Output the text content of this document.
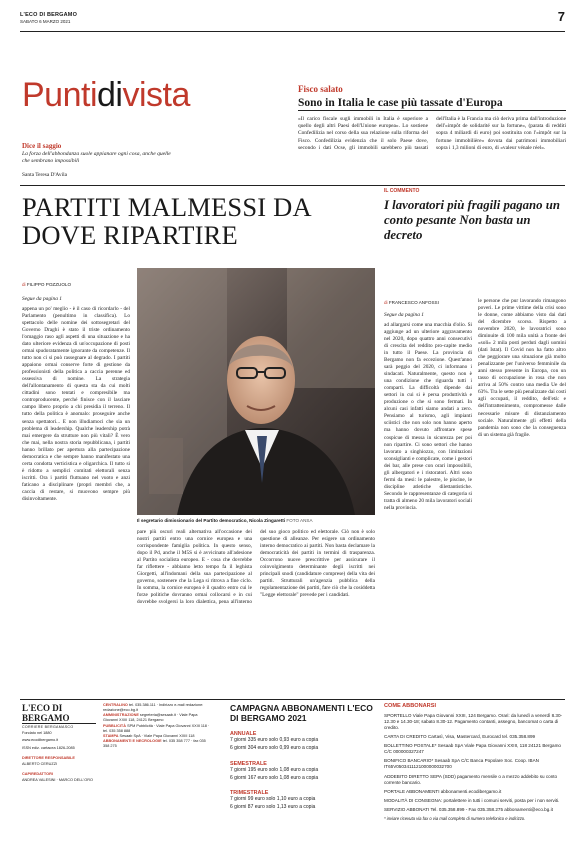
L'ECO DI BERGAMO
SABATO 6 MARZO 2021	7
Puntidivista
Dice il saggio
La forza dell'abbondanza suole appianare ogni cosa, anche quelle che sembrano impossibili
Santa Teresa D'Avila
Fisco salato
Sono in Italia le case più tassate d'Europa
«Il carico fiscale sugli immobili in Italia è superiore a quello degli altri Paesi dell'Unione europea». Lo sostiene Confedilizia nel corso della sua relazione sulla riforma del Fisco. Confedilizia evidenzia che il solo Paese dove, secondo i dati Ocse, gli immobili sarebbero più tassati dell'Italia è la Francia ma ciò deriva prima dall'introduzione dell'«impôt de solidarité sur la fortune», (parata di redditi sopra 4 miliardi di euro) poi sostituita con l'«impôt sur la fortune immobilière» dovuta dai patrimoni immobiliari sopra i 1,3 milioni di euro, di «valeur vénale réel».
PARTITI MALMESSI DA DOVE RIPARTIRE
IL COMMENTO
I lavoratori più fragili pagano un conto pesante Non basta un decreto
di FILIPPO POZZUOLO
Segue da pagina 1
appena un po' meglio - è il caso di ricordarlo - del Parlamento (penultimo in classifica). Lo spettacolo delle nomine dei sottosegretari del Governo Draghi è stato il triste ordinamento l'omaggio raso agli aspetti di una situazione e ha dato ulteriore evidenza di un'occupazione di posti ormai spudoratamente ignorante da competenze. Il tutto non ci si può rassegnare al degrado. I partiti appaiono ormai conserve forte di gestione da professionisti della politica a caccia perenne ed ossessiva di nomine. La strategia dell'allontanamento di questa sta da cui molti cittadini sono tentati e compresibile ma controproducente, perché finisce con il lasciare campo libero proprio a chi presidia il terreno. Il tutto della politica è anomalo: proseguire anche senza spettatori... E non illudiamoci che sia un problema di leadership. Qualche leadership potrà mai emergere da strutture non più vitali? È vero che mai, nella nostra storia repubblicana, i partiti hanno brillato per apertura alla partecipazione democratica e che sempre hanno manifestato una certa condotta verticistica e oligarchica. Il tutto si è ridotto a semplici comitati elettorali senza iscritti. Ora i partiti fluttuano nel vuoto e anzi faticano a disciplinare (propri membri che, a caccia di restare, si muovono sempre più disinvoltamente.
Il segretario dimissionario del Partito democratico, Nicola Zingaretti FOTO ANSA
pare più oscuri reali alternativa all'occasione dei nostri partiti entro una cornice europea e una corrispondente famiglia politica. In questo senso, dopo il Pd, anche il M5S si è avvicinato all'adesione al Partito socialista europeo. E - cosa che dovrebbe far riflettere - abbiamo letto tempo fa il leghista Giorgetti, all'indomani della sua partecipazione al governo, sostenere che la Lega si ritrova a fine ciclo. In somma, la cornice europea è il quadro entro cui le forze politiche dovranno ormai collocarsi e in cui dovrebbe svolgersi la loro dialettica, pena all'interno del suo gioco politico ed elettorale. Ciò non è solo questione di alleanze. Per esigere un ordinamento interno democratico ai partiti. Non basta declamare la democraticità dei partiti in termini di trasparenza. Occorrono nuove prescrittive per assicurare il coinvolgimento determinante degli iscritti nei principali snodi (candidature comprese) della vita dei partiti. Strutturali un'agenzia pubblica della regolamentazione dei partiti, fare ciò che la cosiddetta "Legge elettorale" prevede per i candidati.
di FRANCESCO ANFOSSI
Segue da pagina 1
ad allargarsi come una macchia d'olio. Si aggiunge ad un ulteriore aggravamento nel 2020, dopo quattro anni consecutivi di crescita del reddito pro-capite medio in tutto il Paese. La provincia di Bergamo non fa eccezione. Quest'anno sarà peggio del 2020, ci informano i sindacati. Naturalmente, questo non è una condizione che riguarda tutti i comparti. La difficoltà dipende dai settori in cui si è persa produttività e produzione o che si sono fermati. In alcuni casi infatti siamo andati a zero. Pensiamo al turismo, agli impianti sciistici che non solo non hanno aperto ma hanno dovuto affrontare spese cospicue di messa in sicurezza per poi non ripartire. Ci sono settori che hanno lavorato a singhiozzo, con limitazioni sconsiglianti e complicate, come i gestori dei bar, alle prese con orari impossibili, gli albergatori e i ristoratori. Altri sono fermi da mesi: le palestre, le piscine, le discipline atletiche dilettantistiche. Secondo le rappresentanze di categoria si tratta di almeno 20 mila lavoratori sociali nella provincia.
le persone che pur lavorando rimangono poveri. Le prime vittime della crisi sono le donne, come abbiamo visto dai dati del dicembre scorso. Rispetto a novembre 2020, le lavoratrici sono diminuite di 100 mila unità a fronte dei «soli» 2 mila posti perduti dagli uomini (dati Istat). Il Covid non ha fatto altro che peggiorare una situazione già molto penalizzante per l'universo femminile da anni stesso presente in Europa, con un tasso di occupazione in rosa che non arriva al 50% contro una media Ue del 63%. Tra le sette più penalizzate dai costi agli occupati, il reddito, dell'età: e dell'intrattenimento, compromesse dalle necessarie misure di distanziamento sociale. Naturalmente gli effetti della pandemia non sono che la conseguenza di un sistema già fragile.
L'ECO DI BERGAMO
CORRIERE BERGAMASCO
Fondato nel 1880
www.ecodibergamo.it
ISSN ediz. cartacea 1826-2085
DIRETTORE RESPONSABILE
ALBERTO CERUZZI
CAPIREDATTORI
ANDREA VALESINI · MARCO DELL'ORO
CENTRALINO tel. 035.386.111 · Indirizzo e-mail redazione: redazione@eco.bg.it
AMMINISTRAZIONE segreteria@sesaab.it · Viale Papa Giovanni XXIII 118, 24121 Bergamo
PUBBLICITÀ SPM Pubblicità · Viale Papa Giovanni XXIII 118 · tel. 035 358 888
STAMPA Sesaab SpA · Viale Papa Giovanni XXIII 118
ABBONAMENTI E NECROLOGIE tel. 035 358 777 · fax 035 358 275
CAMPAGNA ABBONAMENTI L'ECO DI BERGAMO 2021
ANNUALE
7 giorni 335 euro solo 0,93 euro a copia
6 giorni 304 euro solo 0,99 euro a copia
SEMESTRALE
7 giorni 195 euro solo 1,08 euro a copia
6 giorni 167 euro solo 1,08 euro a copia
TRIMESTRALE
7 giorni 99 euro solo 1,10 euro a copia
6 giorni 87 euro solo 1,13 euro a copia
COME ABBONARSI
SPORTELLO Viale Papa Giovanni XXIII, 124 Bergamo. Orari: da lunedì a venerdì 8.30-12.30 e 14.30-18; sabato 8.30-12. Pagamento contanti, assegno, bancomat o carta di credito.
CARTA DI CREDITO Cartasì, Visa, Mastercard, Eurocard tel. 035.358.899
BOLLETTINO POSTALE* Sesaab SpA Viale Papa Giovanni XXIII, 118 24121 Bergamo C/C 000000327247
BONIFICO BANCARIO* Sesaab SpA C/C Banca Popolare Soc. Coop. IBAN IT65V0503411121000000032700
ADDEBITO DIRETTO SEPA (SDD) pagamento mensile o a mezzo addebito su conto corrente bancario.
PORTALE ABBONAMENTI abbonamenti.ecodibergamo.it
MODALITÀ DI CONSEGNA: portalettere in tutti i comuni serviti, posta per i non serviti.
SERVIZIO ABBONATI Tel. 035.358.899 - Fax 035.358.275 abbonamenti@eco.bg.it
* inviare ricevuta via fax o via mail completo di numero telefonico e indirizzo.
